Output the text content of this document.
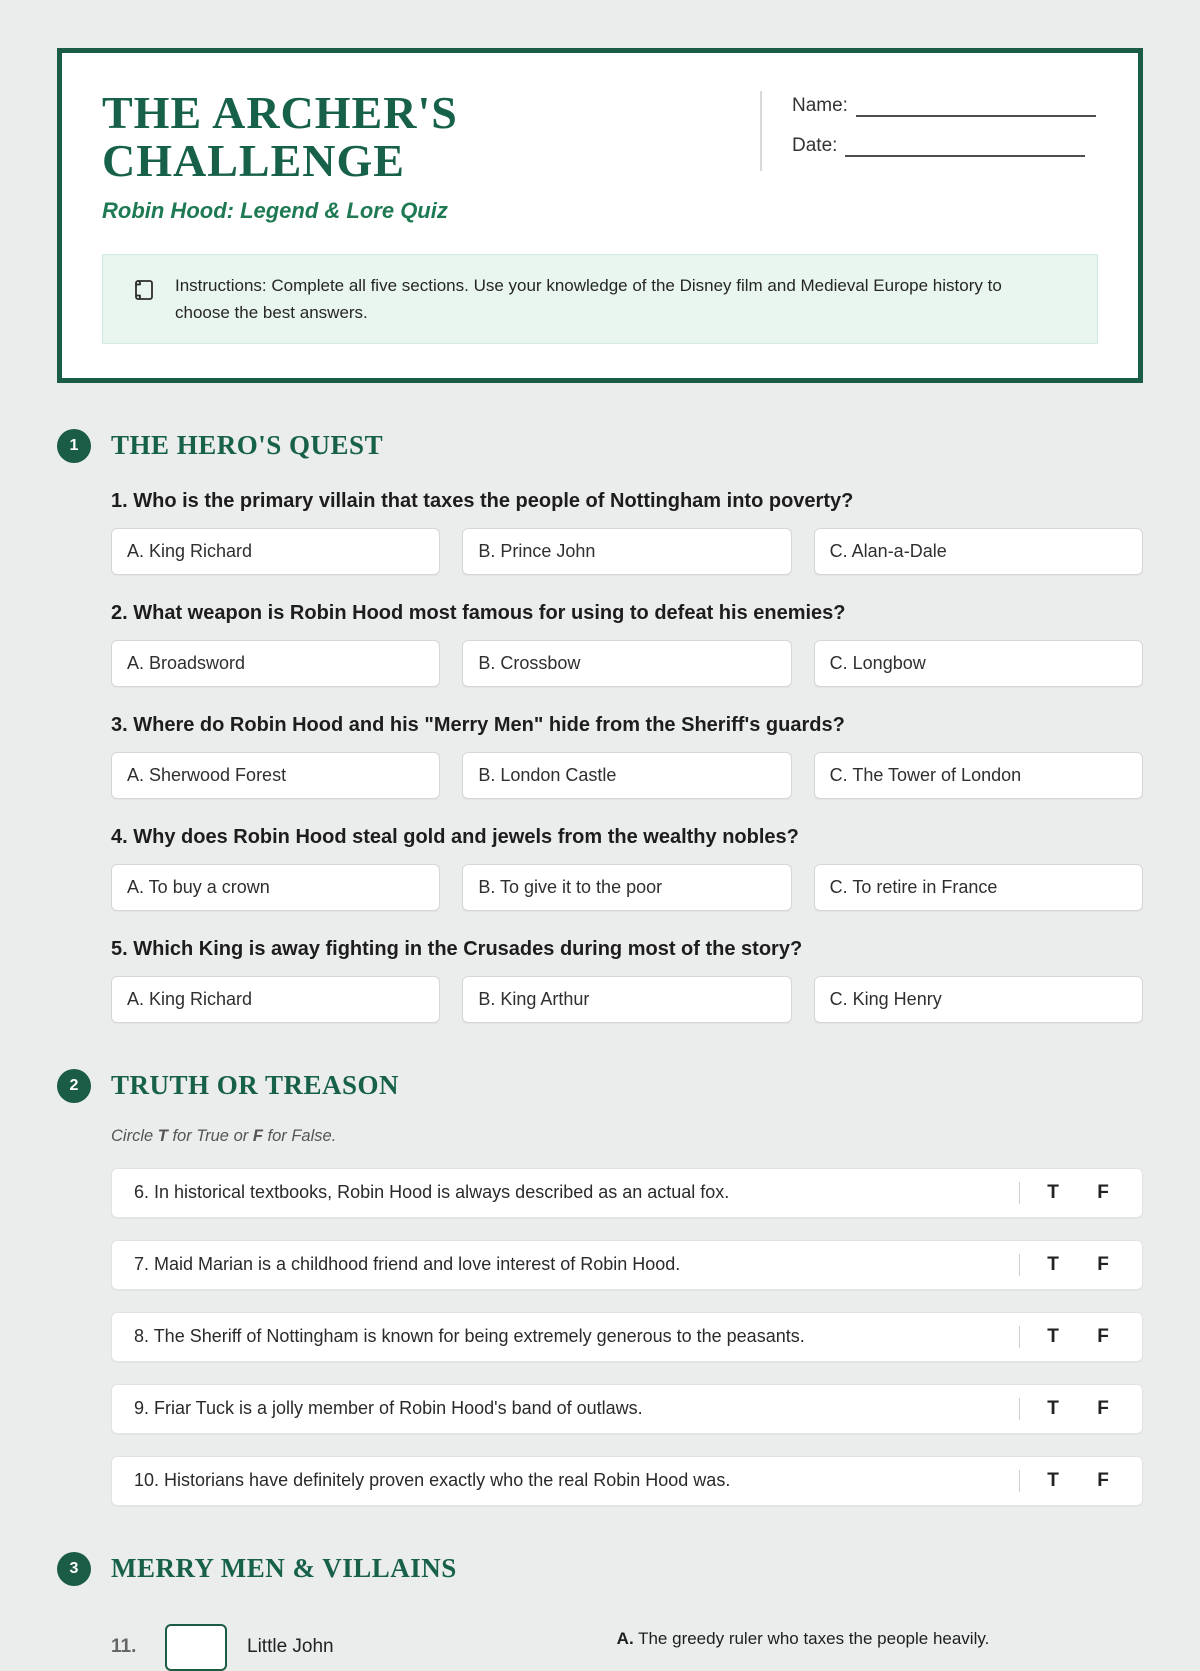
THE ARCHER'S CHALLENGE
Robin Hood: Legend & Lore Quiz
Name:
Date:
Instructions: Complete all five sections. Use your knowledge of the Disney film and Medieval Europe history to choose the best answers.
1	THE HERO'S QUEST
1. Who is the primary villain that taxes the people of Nottingham into poverty?
A. King Richard	B. Prince John	C. Alan-a-Dale
2. What weapon is Robin Hood most famous for using to defeat his enemies?
A. Broadsword	B. Crossbow	C. Longbow
3. Where do Robin Hood and his "Merry Men" hide from the Sheriff's guards?
A. Sherwood Forest	B. London Castle	C. The Tower of London
4. Why does Robin Hood steal gold and jewels from the wealthy nobles?
A. To buy a crown	B. To give it to the poor	C. To retire in France
5. Which King is away fighting in the Crusades during most of the story?
A. King Richard	B. King Arthur	C. King Henry
2	TRUTH OR TREASON
Circle T for True or F for False.
6. In historical textbooks, Robin Hood is always described as an actual fox.	T	F
7. Maid Marian is a childhood friend and love interest of Robin Hood.	T	F
8. The Sheriff of Nottingham is known for being extremely generous to the peasants.	T	F
9. Friar Tuck is a jolly member of Robin Hood's band of outlaws.	T	F
10. Historians have definitely proven exactly who the real Robin Hood was.	T	F
3	MERRY MEN & VILLAINS
11.	Little John	A. The greedy ruler who taxes the people heavily.
